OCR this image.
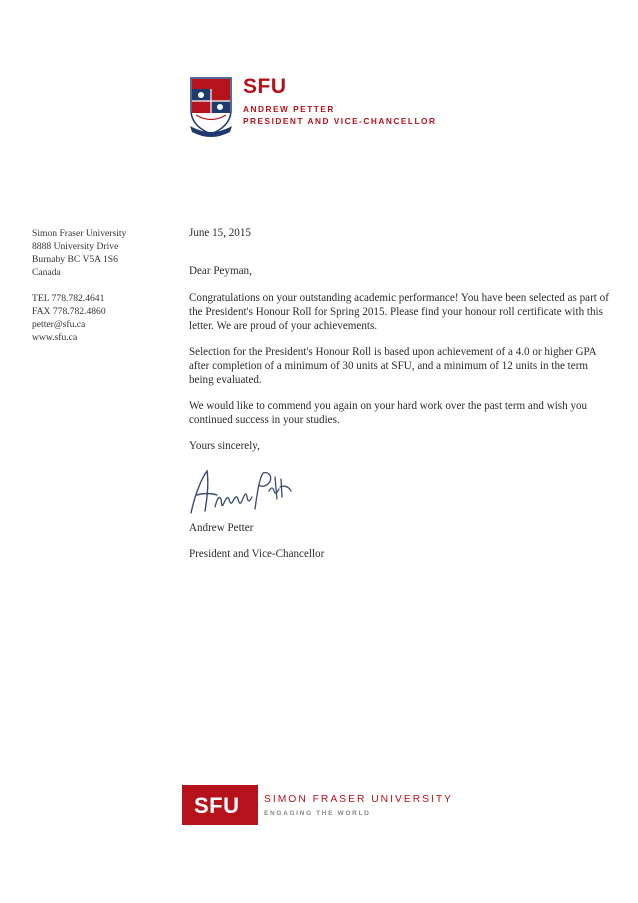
SFU
ANDREW PETTER
PRESIDENT AND VICE-CHANCELLOR
Simon Fraser University
8888 University Drive
Burnaby BC V5A 1S6
Canada
TEL 778.782.4641
FAX 778.782.4860
petter@sfu.ca
www.sfu.ca

June 15, 2015

Dear Peyman,

Congratulations on your outstanding academic performance! You have been selected as part of the President's Honour Roll for Spring 2015. Please find your honour roll certificate with this letter. We are proud of your achievements.

Selection for the President's Honour Roll is based upon achievement of a 4.0 or higher GPA after completion of a minimum of 30 units at SFU, and a minimum of 12 units in the term being evaluated.

We would like to commend you again on your hard work over the past term and wish you continued success in your studies.

Yours sincerely,

Andrew Petter

President and Vice-Chancellor

SFU SIMON FRASER UNIVERSITY
ENGAGING THE WORLD
